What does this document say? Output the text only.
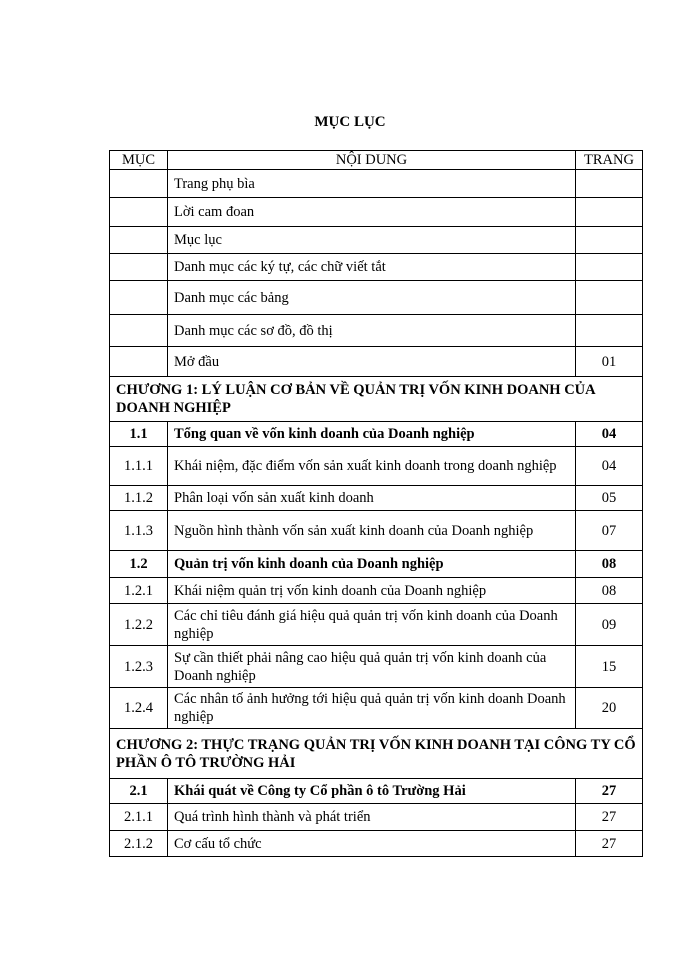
MỤC LỤC
MỤC	NỘI DUNG	TRANG
	Trang phụ bìa	
	Lời cam đoan	
	Mục lục	
	Danh mục các ký tự, các chữ viết tắt	
	Danh mục các bảng	
	Danh mục các sơ đồ, đồ thị	
	Mở đầu	01
CHƯƠNG 1: LÝ LUẬN CƠ BẢN VỀ QUẢN TRỊ VỐN KINH DOANH CỦA DOANH NGHIỆP		
1.1	Tổng quan về vốn kinh doanh của Doanh nghiệp	04
1.1.1	Khái niệm, đặc điểm vốn sản xuất kinh doanh trong doanh nghiệp	04
1.1.2	Phân loại vốn sản xuất kinh doanh	05
1.1.3	Nguồn hình thành vốn sản xuất kinh doanh của Doanh nghiệp	07
1.2	Quản trị vốn kinh doanh của Doanh nghiệp	08
1.2.1	Khái niệm quản trị vốn kinh doanh của Doanh nghiệp	08
1.2.2	Các chỉ tiêu đánh giá hiệu quả quản trị vốn kinh doanh của Doanh nghiệp	09
1.2.3	Sự cần thiết phải nâng cao hiệu quả quản trị vốn kinh doanh của Doanh nghiệp	15
1.2.4	Các nhân tố ảnh hưởng tới hiệu quả quản trị vốn kinh doanh Doanh nghiệp	20
CHƯƠNG 2: THỰC TRẠNG QUẢN TRỊ VỐN KINH DOANH TẠI CÔNG TY CỔ PHẦN Ô TÔ TRƯỜNG HẢI		
2.1	Khái quát về Công ty Cổ phần ô tô Trường Hải	27
2.1.1	Quá trình hình thành và phát triển	27
2.1.2	Cơ cấu tổ chức	27
